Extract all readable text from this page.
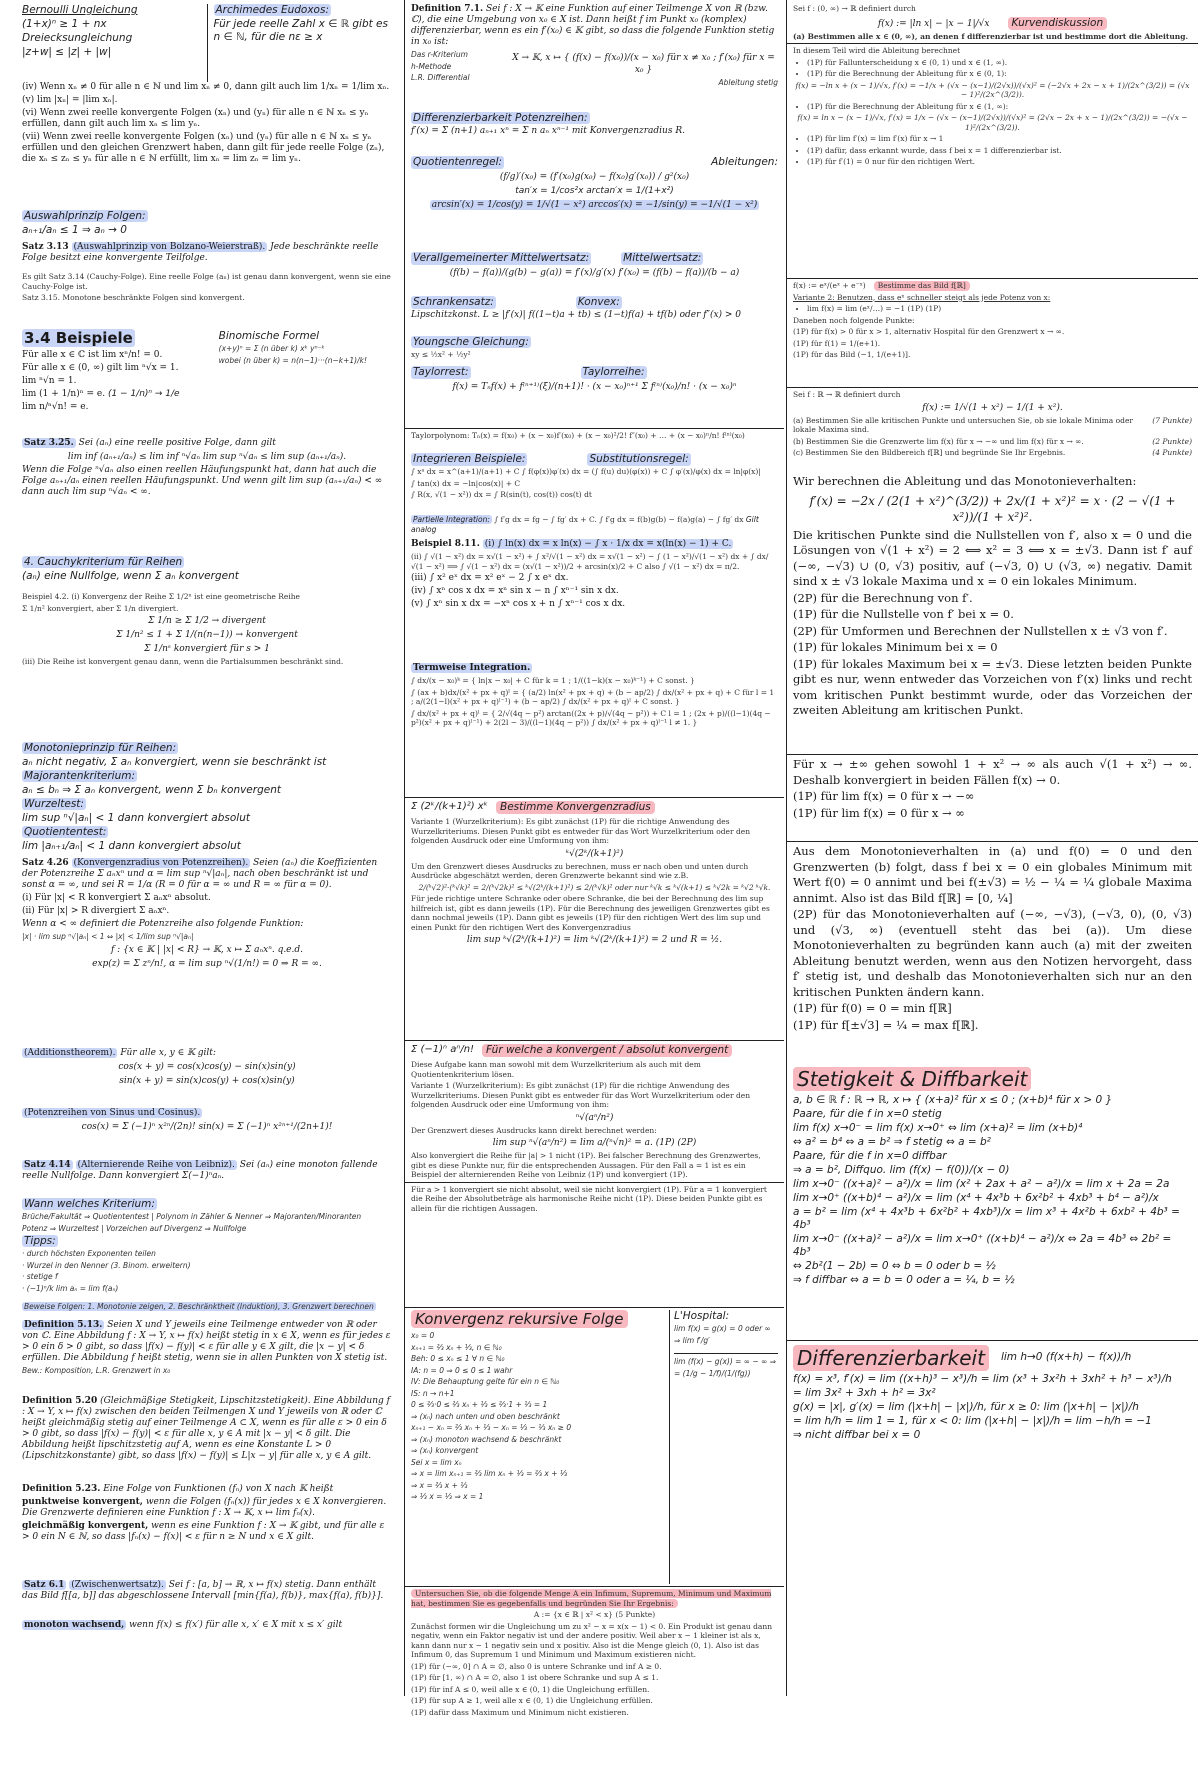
Bernoulli Ungleichung
(1+x)ⁿ ≥ 1 + nx
Dreiecksungleichung
|z+w| ≤ |z| + |w|
Archimedes Eudoxos:
Für jede reelle Zahl x ∈ ℝ gibt es n ∈ ℕ, für die nε ≥ x

(iv) Wenn xₙ ≠ 0 für alle n ∈ ℕ und lim xₙ ≠ 0, dann gilt auch lim 1/xₙ = 1/lim xₙ.

(v) lim |xₙ| = |lim xₙ|.

(vi) Wenn zwei reelle konvergente Folgen (xₙ) und (yₙ) für alle n ∈ ℕ xₙ ≤ yₙ erfüllen, dann gilt auch lim xₙ ≤ lim yₙ.

(vii) Wenn zwei reelle konvergente Folgen (xₙ) und (yₙ) für alle n ∈ ℕ xₙ ≤ yₙ erfüllen und den gleichen Grenzwert haben, dann gilt für jede reelle Folge (zₙ), die xₙ ≤ zₙ ≤ yₙ für alle n ∈ ℕ erfüllt, lim xₙ = lim zₙ = lim yₙ.

Auswahlprinzip Folgen:
aₙ₊₁/aₙ ≤ 1 ⇒ aₙ → 0

Satz 3.13 (Auswahlprinzip von Bolzano-Weierstraß). Jede beschränkte reelle Folge besitzt eine konvergente Teilfolge.

Es gilt Satz 3.14 (Cauchy-Folge). Eine reelle Folge (aₙ) ist genau dann konvergent, wenn sie eine Cauchy-Folge ist.

Satz 3.15. Monotone beschränkte Folgen sind konvergent.

3.4 Beispiele

Für alle x ∈ ℂ ist lim xⁿ/n! = 0.

Für alle x ∈ (0, ∞) gilt lim ⁿ√x = 1.

lim ⁿ√n = 1.

lim (1 + 1/n)ⁿ = e. (1 − 1/n)ⁿ → 1/e

lim n/ⁿ√n! = e.

Binomische Formel
(x+y)ⁿ = Σ (n über k) xᵏ yⁿ⁻ᵏ
wobei (n über k) = n(n−1)···(n−k+1)/k!

Satz 3.25. Sei (aₙ) eine reelle positive Folge, dann gilt

lim inf (aₙ₊₁/aₙ) ≤ lim inf ⁿ√aₙ lim sup ⁿ√aₙ ≤ lim sup (aₙ₊₁/aₙ).

Wenn die Folge ⁿ√aₙ also einen reellen Häufungspunkt hat, dann hat auch die Folge aₙ₊₁/aₙ einen reellen Häufungspunkt. Und wenn gilt lim sup (aₙ₊₁/aₙ) < ∞ dann auch lim sup ⁿ√aₙ < ∞.

4. Cauchykriterium für Reihen
(aₙ) eine Nullfolge, wenn Σ aₙ konvergent

Beispiel 4.2. (i) Konvergenz der Reihe Σ 1/2ⁿ ist eine geometrische Reihe

Σ 1/n² konvergiert, aber Σ 1/n divergiert.

Σ 1/n ≥ Σ 1/2 → divergent

Σ 1/n² ≤ 1 + Σ 1/(n(n−1)) → konvergent

Σ 1/nˢ konvergiert für s > 1

(iii) Die Reihe ist konvergent genau dann, wenn die Partialsummen beschränkt sind.

Monotonieprinzip für Reihen:
aₙ nicht negativ, Σ aₙ konvergiert, wenn sie beschränkt ist
Majorantenkriterium:
aₙ ≤ bₙ ⇒ Σ aₙ konvergent, wenn Σ bₙ konvergent
Wurzeltest:
lim sup ⁿ√|aₙ| < 1 dann konvergiert absolut
Quotiententest:
lim |aₙ₊₁/aₙ| < 1 dann konvergiert absolut

Satz 4.26 (Konvergenzradius von Potenzreihen). Seien (aₙ) die Koeffizienten der Potenzreihe Σ aₙxⁿ und α = lim sup ⁿ√|aₙ|, nach oben beschränkt ist und sonst α = ∞, und sei R = 1/α (R = 0 für α = ∞ und R = ∞ für α = 0).

(i) Für |x| < R konvergiert Σ aₙxⁿ absolut.

(ii) Für |x| > R divergiert Σ aₙxⁿ.

Wenn α < ∞ definiert die Potenzreihe also folgende Funktion:

|x| · lim sup ⁿ√|aₙ| < 1 ⇔ |x| < 1/lim sup ⁿ√|aₙ|

f : {x ∈ 𝕂 | |x| < R} → 𝕂, x ↦ Σ aₙxⁿ. q.e.d.

exp(z) = Σ zⁿ/n!, α = lim sup ⁿ√(1/n!) = 0 ⇒ R = ∞.

(Additionstheorem). Für alle x, y ∈ 𝕂 gilt:

cos(x + y) = cos(x)cos(y) − sin(x)sin(y)

sin(x + y) = sin(x)cos(y) + cos(x)sin(y)

(Potenzreihen von Sinus und Cosinus).

cos(x) = Σ (−1)ⁿ x²ⁿ/(2n)! sin(x) = Σ (−1)ⁿ x²ⁿ⁺¹/(2n+1)!

Satz 4.14 (Alternierende Reihe von Leibniz). Sei (aₙ) eine monoton fallende reelle Nullfolge. Dann konvergiert Σ(−1)ⁿaₙ.

Wann welches Kriterium:
Brüche/Fakultät ⇒ Quotiententest | Polynom in Zähler & Nenner ⇒ Majoranten/Minoranten
Potenz ⇒ Wurzeltest | Vorzeichen auf Divergenz ⇒ Nullfolge
Tipps:
· durch höchsten Exponenten teilen
· Wurzel in den Nenner (3. Binom. erweitern)
· stetige f
· (−1)ⁿ/k lim aₙ = lim f(aₙ)
Beweise Folgen: 1. Monotonie zeigen, 2. Beschränktheit (Induktion), 3. Grenzwert berechnen

Definition 5.13. Seien X und Y jeweils eine Teilmenge entweder von ℝ oder von ℂ. Eine Abbildung f : X → Y, x ↦ f(x) heißt stetig in x ∈ X, wenn es für jedes ε > 0 ein δ > 0 gibt, so dass |f(x) − f(y)| < ε für alle y ∈ X gilt, die |x − y| < δ erfüllen. Die Abbildung f heißt stetig, wenn sie in allen Punkten von X stetig ist.

Bew.: Komposition, L.R. Grenzwert in x₀

Definition 5.20 (Gleichmäßige Stetigkeit, Lipschitzstetigkeit). Eine Abbildung f : X → Y, x ↦ f(x) zwischen den beiden Teilmengen X und Y jeweils von ℝ oder ℂ heißt gleichmäßig stetig auf einer Teilmenge A ⊂ X, wenn es für alle ε > 0 ein δ > 0 gibt, so dass |f(x) − f(y)| < ε für alle x, y ∈ A mit |x − y| < δ gilt. Die Abbildung heißt lipschitzstetig auf A, wenn es eine Konstante L > 0 (Lipschitzkonstante) gibt, so dass |f(x) − f(y)| ≤ L|x − y| für alle x, y ∈ A gilt.

Definition 5.23. Eine Folge von Funktionen (fₙ) von X nach 𝕂 heißt

punktweise konvergent, wenn die Folgen (fₙ(x)) für jedes x ∈ X konvergieren. Die Grenzwerte definieren eine Funktion f : X → 𝕂, x ↦ lim fₙ(x).

gleichmäßig konvergent, wenn es eine Funktion f : X → 𝕂 gibt, und für alle ε > 0 ein N ∈ ℕ, so dass |fₙ(x) − f(x)| < ε für n ≥ N und x ∈ X gilt.

Satz 6.1 (Zwischenwertsatz). Sei f : [a, b] → ℝ, x ↦ f(x) stetig. Dann enthält das Bild f[[a, b]] das abgeschlossene Intervall [min{f(a), f(b)}, max{f(a), f(b)}].

monoton wachsend, wenn f(x) ≤ f(x′) für alle x, x′ ∈ X mit x ≤ x′ gilt

Definition 7.1. Sei f : X → 𝕂 eine Funktion auf einer Teilmenge X von ℝ (bzw. ℂ), die eine Umgebung von x₀ ∈ X ist. Dann heißt f im Punkt x₀ (komplex) differenzierbar, wenn es ein f′(x₀) ∈ 𝕂 gibt, so dass die folgende Funktion stetig in x₀ ist:

Das r-Kriterium
h-Methode
L.R. Differential

X → 𝕂, x ↦ { (f(x) − f(x₀))/(x − x₀) für x ≠ x₀ ; f′(x₀) für x = x₀ }

Ableitung stetig

Differenzierbarkeit Potenzreihen:

f′(x) = Σ (n+1) aₙ₊₁ xⁿ = Σ n aₙ xⁿ⁻¹ mit Konvergenzradius R.

Quotientenregel:	Ableitungen:

(f/g)′(x₀) = (f′(x₀)g(x₀) − f(x₀)g′(x₀)) / g²(x₀)

tan′x = 1/cos²x arctan′x = 1/(1+x²)

arcsin′(x) = 1/cos(y) = 1/√(1 − x²) arccos′(x) = −1/sin(y) = −1/√(1 − x²)

Verallgemeinerter Mittelwertsatz:	Mittelwertsatz:

(f(b) − f(a))/(g(b) − g(a)) = f′(x)/g′(x) f′(x₀) = (f(b) − f(a))/(b − a)

Schrankensatz:	Konvex:

Lipschitzkonst. L ≥ |f′(x)| f((1−t)a + tb) ≤ (1−t)f(a) + tf(b) oder f″(x) > 0

Youngsche Gleichung:

xy ≤ ½x² + ½y²

Taylorrest:	Taylorreihe:

f(x) = Tₙf(x) + f⁽ⁿ⁺¹⁾(ξ)/(n+1)! · (x − x₀)ⁿ⁺¹ Σ f⁽ⁿ⁾(x₀)/n! · (x − x₀)ⁿ

Taylorpolynom: Tₙ(x) = f(x₀) + (x − x₀)f′(x₀) + (x − x₀)²/2! f″(x₀) + … + (x − x₀)ⁿ/n! f⁽ⁿ⁾(x₀)

Integrieren Beispiele:	Substitutionsregel:

∫ xᵃ dx = x^(a+1)/(a+1) + C ∫ f(φ(x))φ′(x) dx = (∫ f(u) du)(φ(x)) + C ∫ φ′(x)/φ(x) dx = ln|φ(x)|

∫ tan(x) dx = −ln|cos(x)| + C

∫ R(x, √(1 − x²)) dx = ∫ R(sin(t), cos(t)) cos(t) dt

Partielle Integration: ∫ f′g dx = fg − ∫ fg′ dx + C. ∫ f′g dx = f(b)g(b) − f(a)g(a) − ∫ fg′ dx Gilt analog

Beispiel 8.11. (i) ∫ ln(x) dx = x ln(x) − ∫ x · 1/x dx = x(ln(x) − 1) + C.

(ii) ∫ √(1 − x²) dx = x√(1 − x²) + ∫ x²/√(1 − x²) dx = x√(1 − x²) − ∫ (1 − x²)/√(1 − x²) dx + ∫ dx/√(1 − x²) ⟹ ∫ √(1 − x²) dx = (x√(1 − x²))/2 + arcsin(x)/2 + C also ∫ √(1 − x²) dx = π/2.

(iii) ∫ x² eˣ dx = x² eˣ − 2 ∫ x eˣ dx.

(iv) ∫ xⁿ cos x dx = xⁿ sin x − n ∫ xⁿ⁻¹ sin x dx.

(v) ∫ xⁿ sin x dx = −xⁿ cos x + n ∫ xⁿ⁻¹ cos x dx.

Termweise Integration.

∫ dx/(x − x₀)ᵏ = { ln|x − x₀| + C für k = 1 ; 1/((1−k)(x − x₀)ᵏ⁻¹) + C sonst. }

∫ (ax + b)dx/(x² + px + q)ˡ = { (a/2) ln(x² + px + q) + (b − ap/2) ∫ dx/(x² + px + q) + C für l = 1 ; a/(2(1−l)(x² + px + q)ˡ⁻¹) + (b − ap/2) ∫ dx/(x² + px + q)ˡ + C sonst. }

∫ dx/(x² + px + q)ˡ = { 2/√(4q − p²) arctan((2x + p)/√(4q − p²)) + C l = 1 ; (2x + p)/((l−1)(4q − p²)(x² + px + q)ˡ⁻¹) + 2(2l − 3)/((l−1)(4q − p²)) ∫ dx/(x² + px + q)ˡ⁻¹ l ≠ 1. }

Σ (2ᵏ/(k+1)²) xᵏ	Bestimme Konvergenzradius

Variante 1 (Wurzelkriterium): Es gibt zunächst (1P) für die richtige Anwendung des Wurzelkriteriums. Diesen Punkt gibt es entweder für das Wort Wurzelkriterium oder den folgenden Ausdruck oder eine Umformung von ihm:

ᵏ√(2ᵏ/(k+1)²)

Um den Grenzwert dieses Ausdrucks zu berechnen, muss er nach oben und unten durch Ausdrücke abgeschätzt werden, deren Grenzwerte bekannt sind wie z.B.

2/(ᵏ√2)²·(ᵏ√k)² = 2/(ᵏ√2k)² ≤ ᵏ√(2ᵏ/(k+1)²) ≤ 2/(ᵏ√k)² oder nur ᵏ√k ≤ ᵏ√(k+1) ≤ ᵏ√2k = ᵏ√2 ᵏ√k.

Für jede richtige untere Schranke oder obere Schranke, die bei der Berechnung des lim sup hilfreich ist, gibt es dann jeweils (1P). Für die Berechnung des jeweiligen Grenzwertes gibt es dann nochmal jeweils (1P). Dann gibt es jeweils (1P) für den richtigen Wert des lim sup und einen Punkt für den richtigen Wert des Konvergenzradius

lim sup ᵏ√(2ᵏ/(k+1)²) = lim ᵏ√(2ᵏ/(k+1)²) = 2 und R = ½.

Σ (−1)ⁿ aⁿ/n!	Für welche a konvergent / absolut konvergent

Diese Aufgabe kann man sowohl mit dem Wurzelkriterium als auch mit dem Quotientenkriterium lösen.

Variante 1 (Wurzelkriterium): Es gibt zunächst (1P) für die richtige Anwendung des Wurzelkriteriums. Diesen Punkt gibt es entweder für das Wort Wurzelkriterium oder den folgenden Ausdruck oder eine Umformung von ihm:

ⁿ√(aⁿ/n²)

Der Grenzwert dieses Ausdrucks kann direkt berechnet werden:

lim sup ⁿ√(aⁿ/n²) = lim a/(ⁿ√n)² = a. (1P) (2P)

Also konvergiert die Reihe für |a| > 1 nicht (1P). Bei falscher Berechnung des Grenzwertes, gibt es diese Punkte nur, für die entsprechenden Aussagen. Für den Fall a = 1 ist es ein Beispiel der alternierenden Reihe von Leibniz (1P) und konvergiert (1P).

Für a > 1 konvergiert sie nicht absolut, weil sie nicht konvergiert (1P). Für a = 1 konvergiert die Reihe der Absolutbeträge als harmonische Reihe nicht (1P). Diese beiden Punkte gibt es allein für die richtigen Aussagen.

Konvergenz rekursive Folge
x₀ = 0
xₙ₊₁ = ⅔ xₙ + ⅓, n ∈ ℕ₀
Beh: 0 ≤ xₙ ≤ 1 ∀ n ∈ ℕ₀
IA: n = 0 ⇒ 0 ≤ 0 ≤ 1 wahr
IV: Die Behauptung gelte für ein n ∈ ℕ₀
IS: n → n+1
0 ≤ ⅔·0 ≤ ⅔ xₙ + ⅓ ≤ ⅔·1 + ⅓ = 1
⇒ (xₙ) nach unten und oben beschränkt
xₙ₊₁ − xₙ = ⅔ xₙ + ⅓ − xₙ = ⅓ − ⅓ xₙ ≥ 0
⇒ (xₙ) monoton wachsend & beschränkt
⇒ (xₙ) konvergent
Sei x = lim xₙ
⇒ x = lim xₙ₊₁ = ⅔ lim xₙ + ⅓ = ⅔ x + ⅓
⇒ x = ⅔ x + ⅓
⇒ ⅓ x = ⅓ ⇒ x = 1
L'Hospital:
lim f(x) = g(x) = 0 oder ∞
⇒ lim f′/g′
lim (f(x) − g(x)) = ∞ − ∞ ⇒
= (1/g − 1/f)/(1/(fg))

Untersuchen Sie, ob die folgende Menge A ein Infimum, Supremum, Minimum und Maximum hat, bestimmen Sie es gegebenfalls und begründen Sie Ihr Ergebnis:

A := {x ∈ ℝ | x² < x} (5 Punkte)

Zunächst formen wir die Ungleichung um zu x² − x = x(x − 1) < 0. Ein Produkt ist genau dann negativ, wenn ein Faktor negativ ist und der andere positiv. Weil aber x − 1 kleiner ist als x, kann dann nur x − 1 negativ sein und x positiv. Also ist die Menge gleich (0, 1). Also ist das Infimum 0, das Supremum 1 und Minimum und Maximum existieren nicht.

(1P) für (−∞, 0] ∩ A = ∅, also 0 is untere Schranke und inf A ≥ 0.

(1P) für [1, ∞) ∩ A = ∅, also 1 ist obere Schranke und sup A ≤ 1.

(1P) für inf A ≤ 0, weil alle x ∈ (0, 1) die Ungleichung erfüllen.

(1P) für sup A ≥ 1, weil alle x ∈ (0, 1) die Ungleichung erfüllen.

(1P) dafür dass Maximum und Minimum nicht existieren.

Sei f : (0, ∞) → ℝ definiert durch

f(x) := |ln x| − |x − 1|/√x	Kurvendiskussion

(a) Bestimmen alle x ∈ (0, ∞), an denen f differenzierbar ist und bestimme dort die Ableitung.

In diesem Teil wird die Ableitung berechnet

• (1P) für Fallunterscheidung x ∈ (0, 1) und x ∈ (1, ∞).
• (1P) für die Berechnung der Ableitung für x ∈ (0, 1):

f(x) = −ln x + (x − 1)/√x, f′(x) = −1/x + (√x − (x−1)/(2√x))/(√x)² = (−2√x + 2x − x + 1)/(2x^(3/2)) = (√x − 1)²/(2x^(3/2)).

• (1P) für die Berechnung der Ableitung für x ∈ (1, ∞):

f(x) = ln x − (x − 1)/√x, f′(x) = 1/x − (√x − (x−1)/(2√x))/(√x)² = (2√x − 2x + x − 1)/(2x^(3/2)) = −(√x − 1)²/(2x^(3/2)).

• (1P) für lim f′(x) = lim f′(x) für x → 1
• (1P) dafür, dass erkannt wurde, dass f bei x = 1 differenzierbar ist.
• (1P) für f′(1) = 0 nur für den richtigen Wert.
f(x) := eˣ/(eˣ + e⁻ˣ)	Bestimme das Bild f[ℝ]

Variante 2: Benutzen, dass eˣ schneller steigt als jede Potenz von x:

• lim f(x) = lim (eˣ/…) = −1 (1P) (1P)

Daneben noch folgende Punkte:

(1P) für f(x) > 0 für x > 1, alternativ Hospital für den Grenzwert x → ∞.

(1P) für f(1) = 1/(e+1).

(1P) für das Bild (−1, 1/(e+1)].

Sei f : ℝ → ℝ definiert durch

f(x) := 1/√(1 + x²) − 1/(1 + x²).

(a) Bestimmen Sie alle kritischen Punkte und untersuchen Sie, ob sie lokale Minima oder lokale Maxima sind.
(7 Punkte)

(b) Bestimmen Sie die Grenzwerte lim f(x) für x → −∞ und lim f(x) für x → ∞.	(2 Punkte)

(c) Bestimmen Sie den Bildbereich f[ℝ] und begründe Sie Ihr Ergebnis.	(4 Punkte)

Wir berechnen die Ableitung und das Monotonieverhalten:

f′(x) = −2x / (2(1 + x²)^(3/2)) + 2x/(1 + x²)² = x · (2 − √(1 + x²))/(1 + x²)².

Die kritischen Punkte sind die Nullstellen von f′, also x = 0 und die Lösungen von √(1 + x²) = 2 ⟺ x² = 3 ⟺ x = ±√3. Dann ist f′ auf (−∞, −√3) ∪ (0, √3) positiv, auf (−√3, 0) ∪ (√3, ∞) negativ. Damit sind x ± √3 lokale Maxima und x = 0 ein lokales Minimum.

(2P) für die Berechnung von f′.

(1P) für die Nullstelle von f′ bei x = 0.

(2P) für Umformen und Berechnen der Nullstellen x ± √3 von f′.

(1P) für lokales Minimum bei x = 0

(1P) für lokales Maximum bei x = ±√3. Diese letzten beiden Punkte gibt es nur, wenn entweder das Vorzeichen von f′(x) links und recht vom kritischen Punkt bestimmt wurde, oder das Vorzeichen der zweiten Ableitung am kritischen Punkt.

Für x → ±∞ gehen sowohl 1 + x² → ∞ als auch √(1 + x²) → ∞. Deshalb konvergiert in beiden Fällen f(x) → 0.

(1P) für lim f(x) = 0 für x → −∞

(1P) für lim f(x) = 0 für x → ∞

Aus dem Monotonieverhalten in (a) und f(0) = 0 und den Grenzwerten (b) folgt, dass f bei x = 0 ein globales Minimum mit Wert f(0) = 0 annimt und bei f(±√3) = ½ − ¼ = ¼ globale Maxima annimt. Also ist das Bild f[ℝ] = [0, ¼]

(2P) für das Monotonieverhalten auf (−∞, −√3), (−√3, 0), (0, √3) und (√3, ∞) (eventuell steht das bei (a)). Um diese Monotonieverhalten zu begründen kann auch (a) mit der zweiten Ableitung benutzt werden, wenn aus den Notizen hervorgeht, dass f′ stetig ist, und deshalb das Monotonieverhalten sich nur an den kritischen Punkten ändern kann.

(1P) für f(0) = 0 = min f[ℝ]

(1P) für f[±√3] = ¼ = max f[ℝ].

Stetigkeit & Diffbarkeit
a, b ∈ ℝ f : ℝ → ℝ, x ↦ { (x+a)² für x ≤ 0 ; (x+b)⁴ für x > 0 }
Paare, für die f in x=0 stetig
lim f(x) x→0⁻ = lim f(x) x→0⁺ ⇔ lim (x+a)² = lim (x+b)⁴
⇔ a² = b⁴ ⇔ a = b² ⇒ f stetig ⇔ a = b²
Paare, für die f in x=0 diffbar
⇒ a = b², Diffquo. lim (f(x) − f(0))/(x − 0)
lim x→0⁻ ((x+a)² − a²)/x = lim (x² + 2ax + a² − a²)/x = lim x + 2a = 2a
lim x→0⁺ ((x+b)⁴ − a²)/x = lim (x⁴ + 4x³b + 6x²b² + 4xb³ + b⁴ − a²)/x
a = b² = lim (x⁴ + 4x³b + 6x²b² + 4xb³)/x = lim x³ + 4x²b + 6xb² + 4b³ = 4b³
lim x→0⁻ ((x+a)² − a²)/x = lim x→0⁺ ((x+b)⁴ − a²)/x ⇔ 2a = 4b³ ⇔ 2b² = 4b³
⇔ 2b²(1 − 2b) = 0 ⇔ b = 0 oder b = ½
⇒ f diffbar ⇔ a = b = 0 oder a = ¼, b = ½
Differenzierbarkeit	lim h→0 (f(x+h) − f(x))/h
f(x) = x³, f′(x) = lim ((x+h)³ − x³)/h = lim (x³ + 3x²h + 3xh² + h³ − x³)/h
= lim 3x² + 3xh + h² = 3x²
g(x) = |x|, g′(x) = lim (|x+h| − |x|)/h, für x ≥ 0: lim (|x+h| − |x|)/h
= lim h/h = lim 1 = 1, für x < 0: lim (|x+h| − |x|)/h = lim −h/h = −1
⇒ nicht diffbar bei x = 0
